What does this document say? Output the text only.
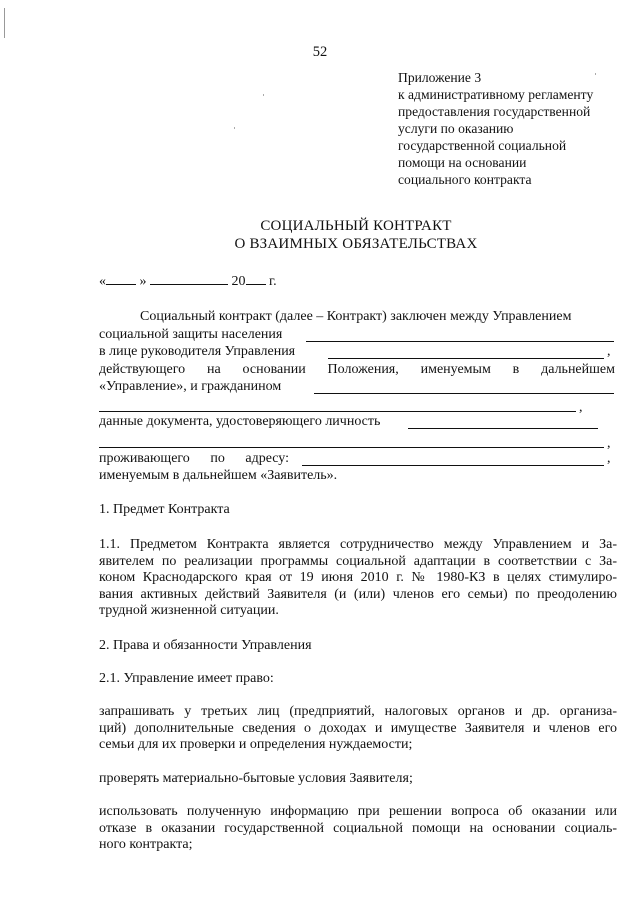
52
Приложение 3
к административному регламенту
предоставления государственной
услуги по оказанию
государственной социальной
помощи на основании
социального контракта
СОЦИАЛЬНЫЙ КОНТРАКТ
О ВЗАИМНЫХ ОБЯЗАТЕЛЬСТВАХ
« »	20 г.
Социальный контракт (далее – Контракт) заключен между Управлением
социальной защиты населения
в лице руководителя Управления	,
действующего на основании Положения, именуемым в дальнейшем
«Управление», и гражданином
,
данные документа, удостоверяющего личность
,
проживающего по адресу:	,
именуемым в дальнейшем «Заявитель».
1. Предмет Контракта
1.1. Предметом Контракта является сотрудничество между Управлением и За-
явителем по реализации программы социальной адаптации в соответствии с За-
коном Краснодарского края от 19 июня 2010 г. № 1980-КЗ в целях стимулиро-
вания активных действий Заявителя (и (или) членов его семьи) по преодолению
трудной жизненной ситуации.
2. Права и обязанности Управления
2.1. Управление имеет право:
запрашивать у третьих лиц (предприятий, налоговых органов и др. организа-
ций) дополнительные сведения о доходах и имуществе Заявителя и членов его
семьи для их проверки и определения нуждаемости;
проверять материально-бытовые условия Заявителя;
использовать полученную информацию при решении вопроса об оказании или
отказе в оказании государственной социальной помощи на основании социаль-
ного контракта;
